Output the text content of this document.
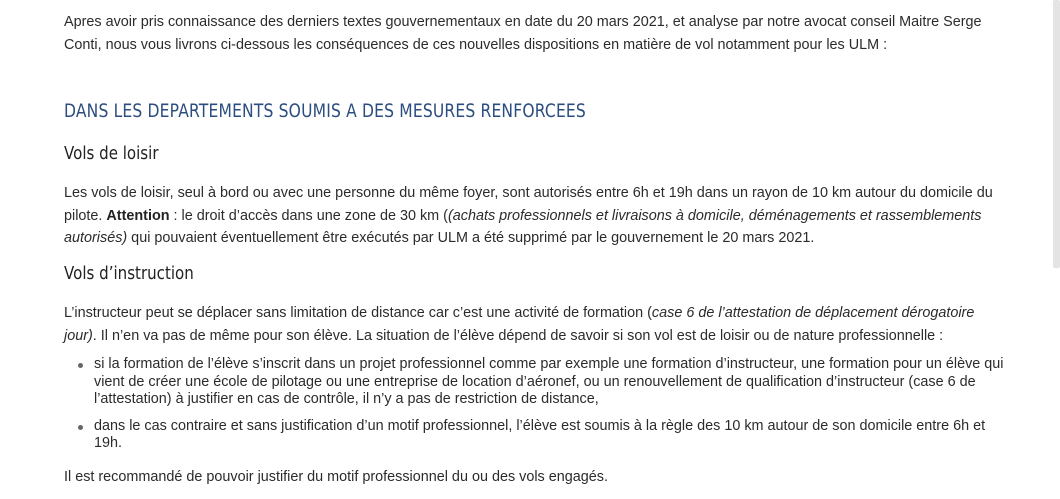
Apres avoir pris connaissance des derniers textes gouvernementaux en date du 20 mars 2021, et analyse par notre avocat conseil Maitre Serge Conti, nous vous livrons ci-dessous les conséquences de ces nouvelles dispositions en matière de vol notamment pour les ULM :

DANS LES DEPARTEMENTS SOUMIS A DES MESURES RENFORCEES
Vols de loisir

Les vols de loisir, seul à bord ou avec une personne du même foyer, sont autorisés entre 6h et 19h dans un rayon de 10 km autour du domicile du pilote. Attention : le droit d’accès dans une zone de 30 km ((achats professionnels et livraisons à domicile, déménagements et rassemblements autorisés) qui pouvaient éventuellement être exécutés par ULM a été supprimé par le gouvernement le 20 mars 2021.

Vols d’instruction

L’instructeur peut se déplacer sans limitation de distance car c’est une activité de formation (case 6 de l’attestation de déplacement dérogatoire jour). Il n’en va pas de même pour son élève. La situation de l’élève dépend de savoir si son vol est de loisir ou de nature professionnelle :

si la formation de l’élève s’inscrit dans un projet professionnel comme par exemple une formation d’instructeur, une formation pour un élève qui vient de créer une école de pilotage ou une entreprise de location d’aéronef, ou un renouvellement de qualification d’instructeur (case 6 de l’attestation) à justifier en cas de contrôle, il n’y a pas de restriction de distance,
dans le cas contraire et sans justification d’un motif professionnel, l’élève est soumis à la règle des 10 km autour de son domicile entre 6h et 19h.

Il est recommandé de pouvoir justifier du motif professionnel du ou des vols engagés.
